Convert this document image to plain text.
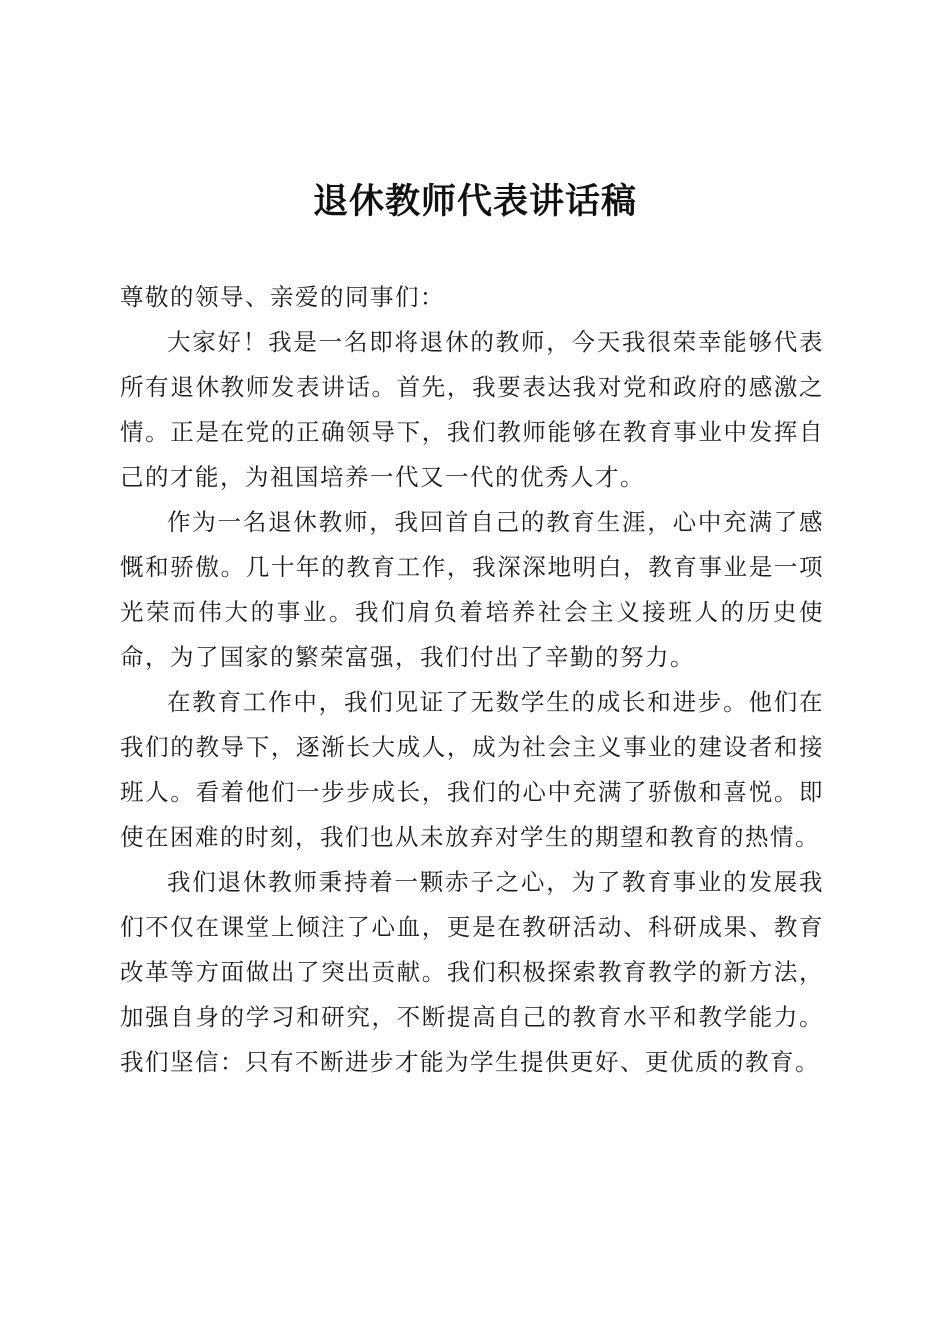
退休教师代表讲话稿

尊敬的领导、亲爱的同事们：

大家好！我是一名即将退休的教师，今天我很荣幸能够代表所有退休教师发表讲话。首先，我要表达我对党和政府的感激之情。正是在党的正确领导下，我们教师能够在教育事业中发挥自己的才能，为祖国培养一代又一代的优秀人才。

作为一名退休教师，我回首自己的教育生涯，心中充满了感慨和骄傲。几十年的教育工作，我深深地明白，教育事业是一项光荣而伟大的事业。我们肩负着培养社会主义接班人的历史使命，为了国家的繁荣富强，我们付出了辛勤的努力。

在教育工作中，我们见证了无数学生的成长和进步。他们在我们的教导下，逐渐长大成人，成为社会主义事业的建设者和接班人。看着他们一步步成长，我们的心中充满了骄傲和喜悦。即使在困难的时刻，我们也从未放弃对学生的期望和教育的热情。

我们退休教师秉持着一颗赤子之心，为了教育事业的发展我们不仅在课堂上倾注了心血，更是在教研活动、科研成果、教育改革等方面做出了突出贡献。我们积极探索教育教学的新方法，加强自身的学习和研究，不断提高自己的教育水平和教学能力。我们坚信：只有不断进步才能为学生提供更好、更优质的教育。
